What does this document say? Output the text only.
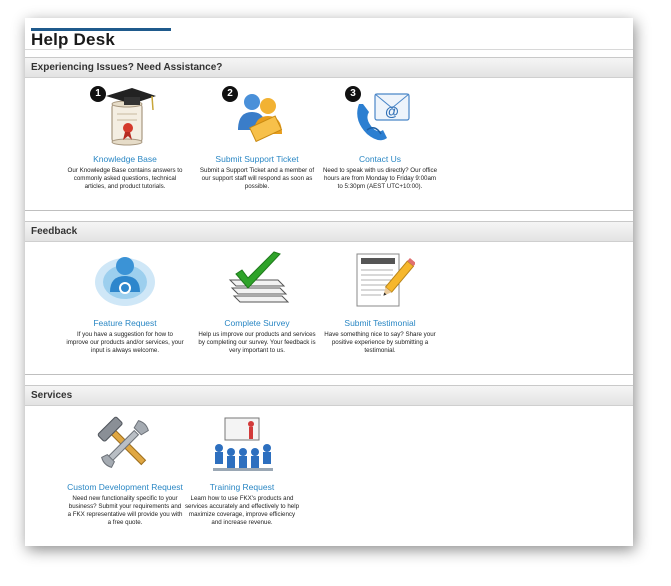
Help Desk
Experiencing Issues? Need Assistance?
1
Knowledge Base
Our Knowledge Base contains answers to commonly asked questions, technical articles, and product tutorials.
2
Submit Support Ticket
Submit a Support Ticket and a member of our support staff will respond as soon as possible.
@
3
Contact Us
Need to speak with us directly? Our office hours are from Monday to Friday 9:00am to 5:30pm (AEST UTC+10:00).
Feedback
Feature Request
If you have a suggestion for how to improve our products and/or services, your input is always welcome.
Complete Survey
Help us improve our products and services by completing our survey. Your feedback is very important to us.
Submit Testimonial
Have something nice to say? Share your positive experience by submitting a testimonial.
Services
Custom Development Request
Need new functionality specific to your business? Submit your requirements and a FKX representative will provide you with a free quote.
Training Request
Learn how to use FKX's products and services accurately and effectively to help maximize coverage, improve efficiency and increase revenue.
